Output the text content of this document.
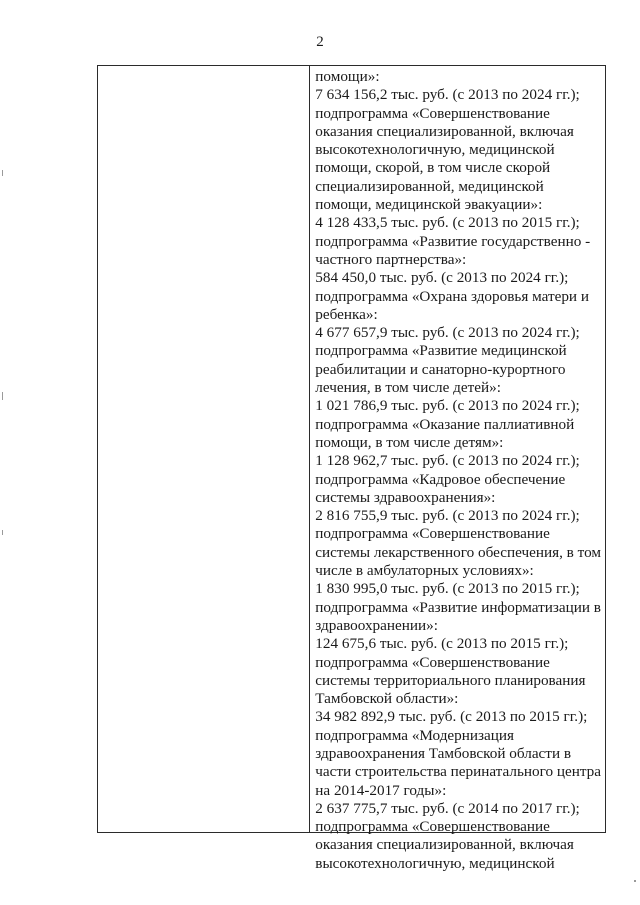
2
помощи»:
7 634 156,2 тыс. руб. (с 2013 по 2024 гг.);
подпрограмма «Совершенствование
оказания специализированной, включая
высокотехнологичную, медицинской
помощи, скорой, в том числе скорой
специализированной, медицинской
помощи, медицинской эвакуации»:
4 128 433,5 тыс. руб. (с 2013 по 2015 гг.);
подпрограмма «Развитие государственно -
частного партнерства»:
584 450,0 тыс. руб. (с 2013 по 2024 гг.);
подпрограмма «Охрана здоровья матери и
ребенка»:
4 677 657,9 тыс. руб. (с 2013 по 2024 гг.);
подпрограмма «Развитие медицинской
реабилитации и санаторно-курортного
лечения, в том числе детей»:
1 021 786,9 тыс. руб. (с 2013 по 2024 гг.);
подпрограмма «Оказание паллиативной
помощи, в том числе детям»:
1 128 962,7 тыс. руб. (с 2013 по 2024 гг.);
подпрограмма «Кадровое обеспечение
системы здравоохранения»:
2 816 755,9 тыс. руб. (с 2013 по 2024 гг.);
подпрограмма «Совершенствование
системы лекарственного обеспечения, в том
числе в амбулаторных условиях»:
1 830 995,0 тыс. руб. (с 2013 по 2015 гг.);
подпрограмма «Развитие информатизации в
здравоохранении»:
124 675,6 тыс. руб. (с 2013 по 2015 гг.);
подпрограмма «Совершенствование
системы территориального планирования
Тамбовской области»:
34 982 892,9 тыс. руб. (с 2013 по 2015 гг.);
подпрограмма «Модернизация
здравоохранения Тамбовской области в
части строительства перинатального центра
на 2014-2017 годы»:
2 637 775,7 тыс. руб. (с 2014 по 2017 гг.);
подпрограмма «Совершенствование
оказания специализированной, включая
высокотехнологичную, медицинской
